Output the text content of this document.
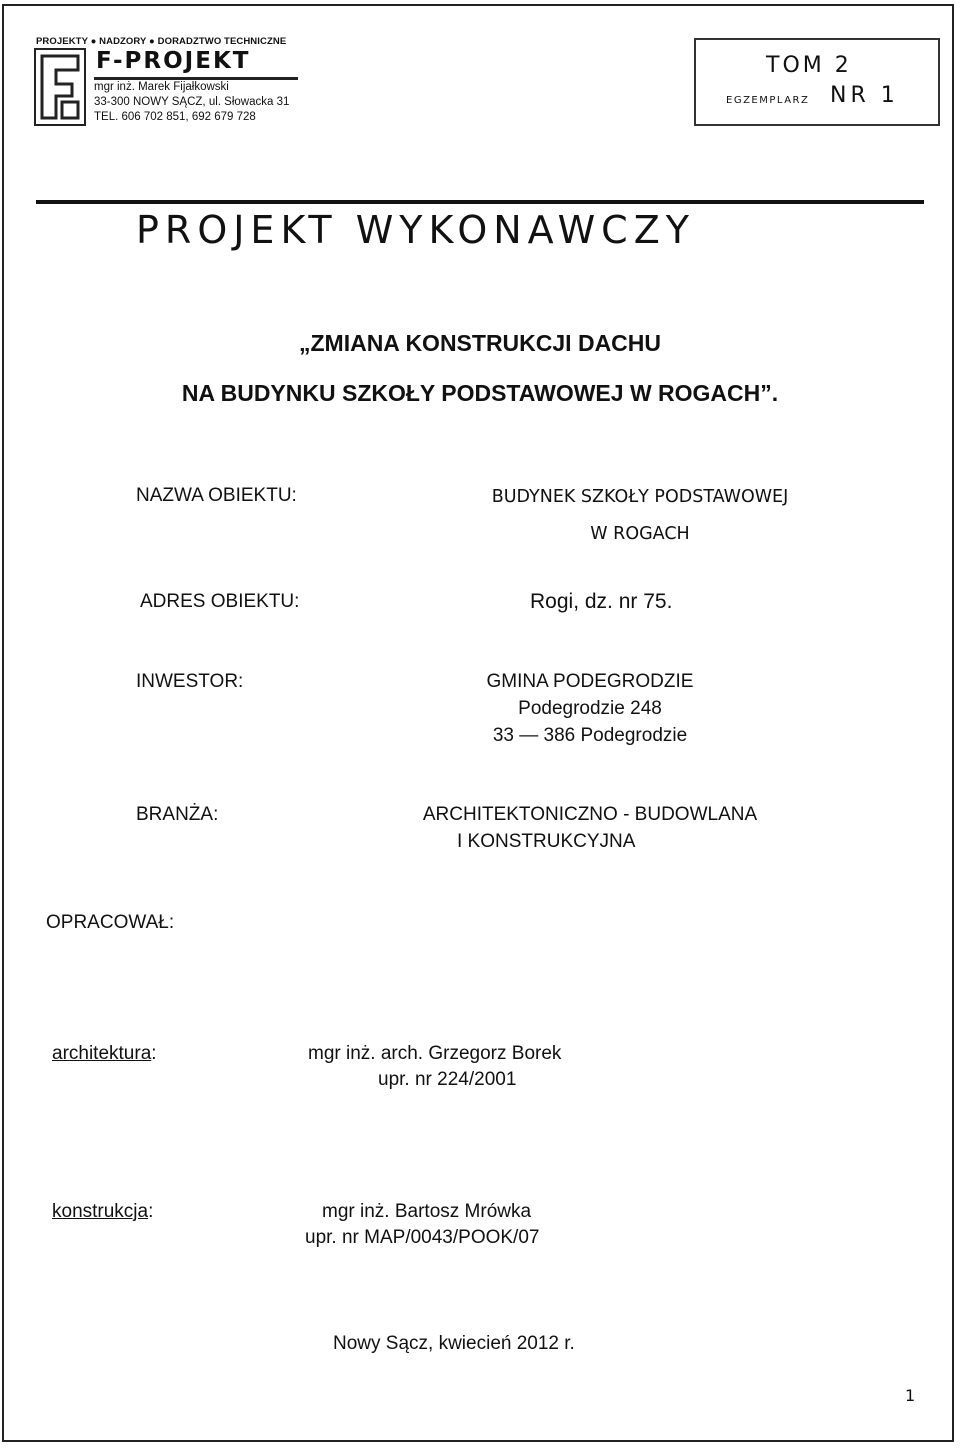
PROJEKTY ● NADZORY ● DORADZTWO TECHNICZNE
F-PROJEKT
mgr inż. Marek Fijałkowski
33-300 NOWY SĄCZ, ul. Słowacka 31
TEL. 606 702 851, 692 679 728
TOM 2
EGZEMPLARZ NR 1
PROJEKT WYKONAWCZY
„ZMIANA KONSTRUKCJI DACHU
NA BUDYNKU SZKOŁY PODSTAWOWEJ W ROGACH”.
NAZWA OBIEKTU:	BUDYNEK SZKOŁY PODSTAWOWEJ
W ROGACH
ADRES OBIEKTU:	Rogi, dz. nr 75.
INWESTOR:	GMINA PODEGRODZIE
Podegrodzie 248
33 — 386 Podegrodzie
BRANŻA:	ARCHITEKTONICZNO - BUDOWLANA
I KONSTRUKCYJNA
OPRACOWAŁ:
architektura:	mgr inż. arch. Grzegorz Borek
upr. nr 224/2001
konstrukcja:	mgr inż. Bartosz Mrówka
upr. nr MAP/0043/POOK/07
Nowy Sącz, kwiecień 2012 r.
1
